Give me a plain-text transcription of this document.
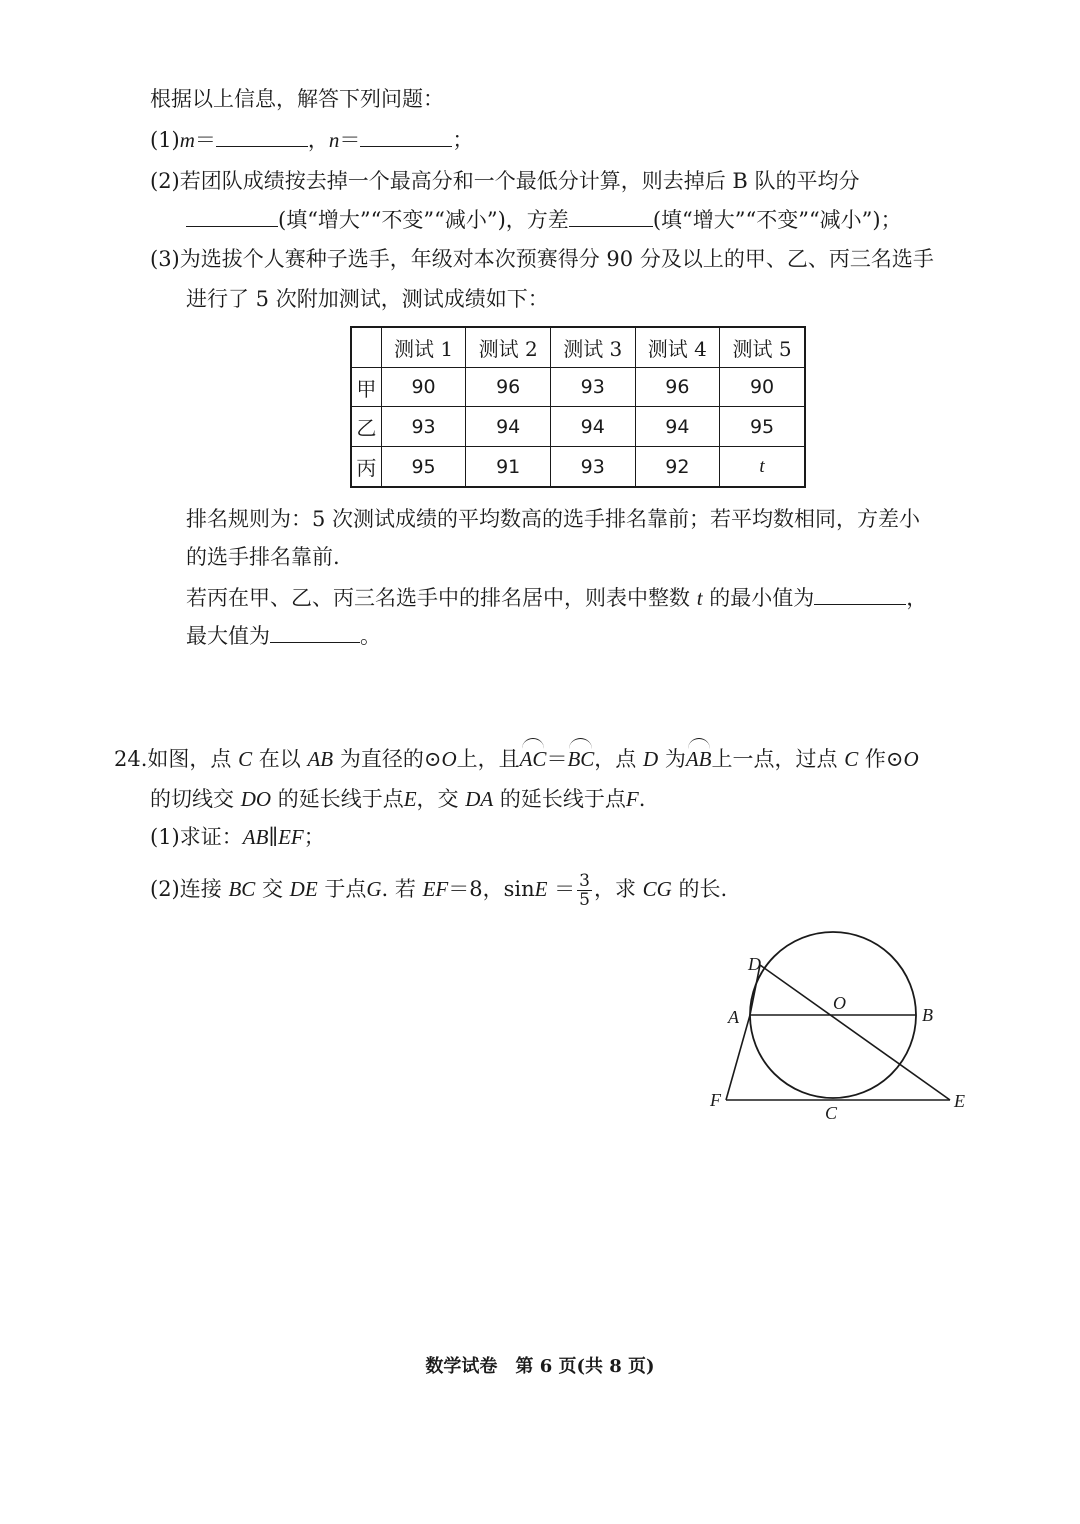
根据以上信息，解答下列问题：
(1)m＝	，n＝	；
(2)若团队成绩按去掉一个最高分和一个最低分计算，则去掉后 B 队的平均分
(填“增大”“不变”“减小”)，方差	(填“增大”“不变”“减小”)；
(3)为选拔个人赛种子选手，年级对本次预赛得分 90 分及以上的甲、乙、丙三名选手
进行了 5 次附加测试，测试成绩如下：
	测试 1	测试 2	测试 3	测试 4	测试 5
甲	90	96	93	96	90
乙	93	94	94	94	95
丙	95	91	93	92	t
排名规则为：5 次测试成绩的平均数高的选手排名靠前；若平均数相同，方差小
的选手排名靠前.
若丙在甲、乙、丙三名选手中的排名居中，则表中整数 t 的最小值为	，
最大值为	。
24.如图，点 C 在以 AB 为直径的⊙O上，且AC＝BC，点 D 为AB上一点，过点 C 作⊙O
的切线交 DO 的延长线于点E，交 DA 的延长线于点F.
(1)求证：AB∥EF；
(2)连接 BC 交 DE 于点G. 若 EF＝8，$\sin E = \frac{3}{5}$ ，求 CG 的长.
D
O
A	B
F
C
E
数学试卷　第 6 页(共 8 页)
